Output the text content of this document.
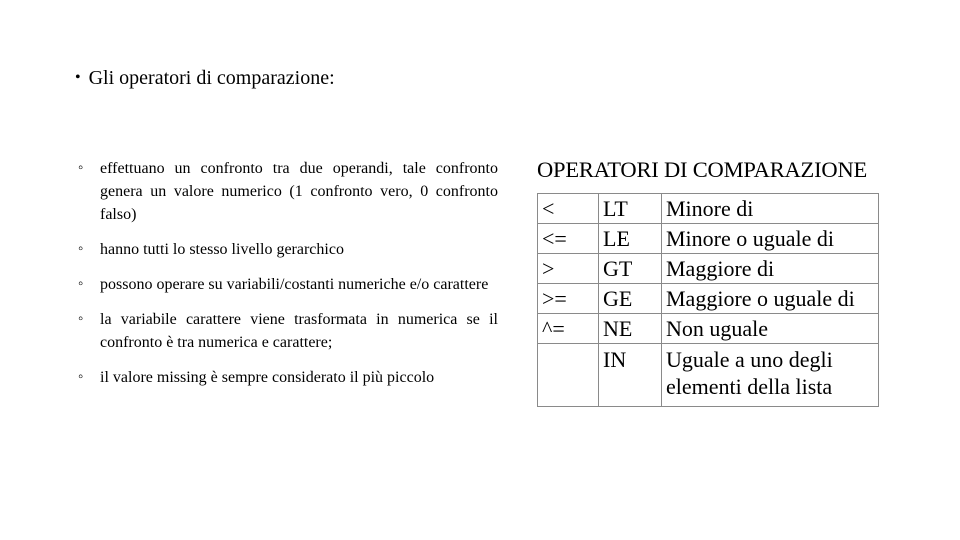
• Gli operatori di comparazione:
◦ effettuano un confronto tra due operandi, tale confronto genera un valore numerico (1 confronto vero, 0 confronto falso)
◦ hanno tutti lo stesso livello gerarchico
◦ possono operare su variabili/costanti numeriche e/o carattere
◦ la variabile carattere viene trasformata in numerica se il confronto è tra numerica e carattere;
◦ il valore missing è sempre considerato il più piccolo
OPERATORI DI COMPARAZIONE
<	LT	Minore di
<=	LE	Minore o uguale di
>	GT	Maggiore di
>=	GE	Maggiore o uguale di
^=	NE	Non uguale
	IN	Uguale a uno degli elementi della lista
